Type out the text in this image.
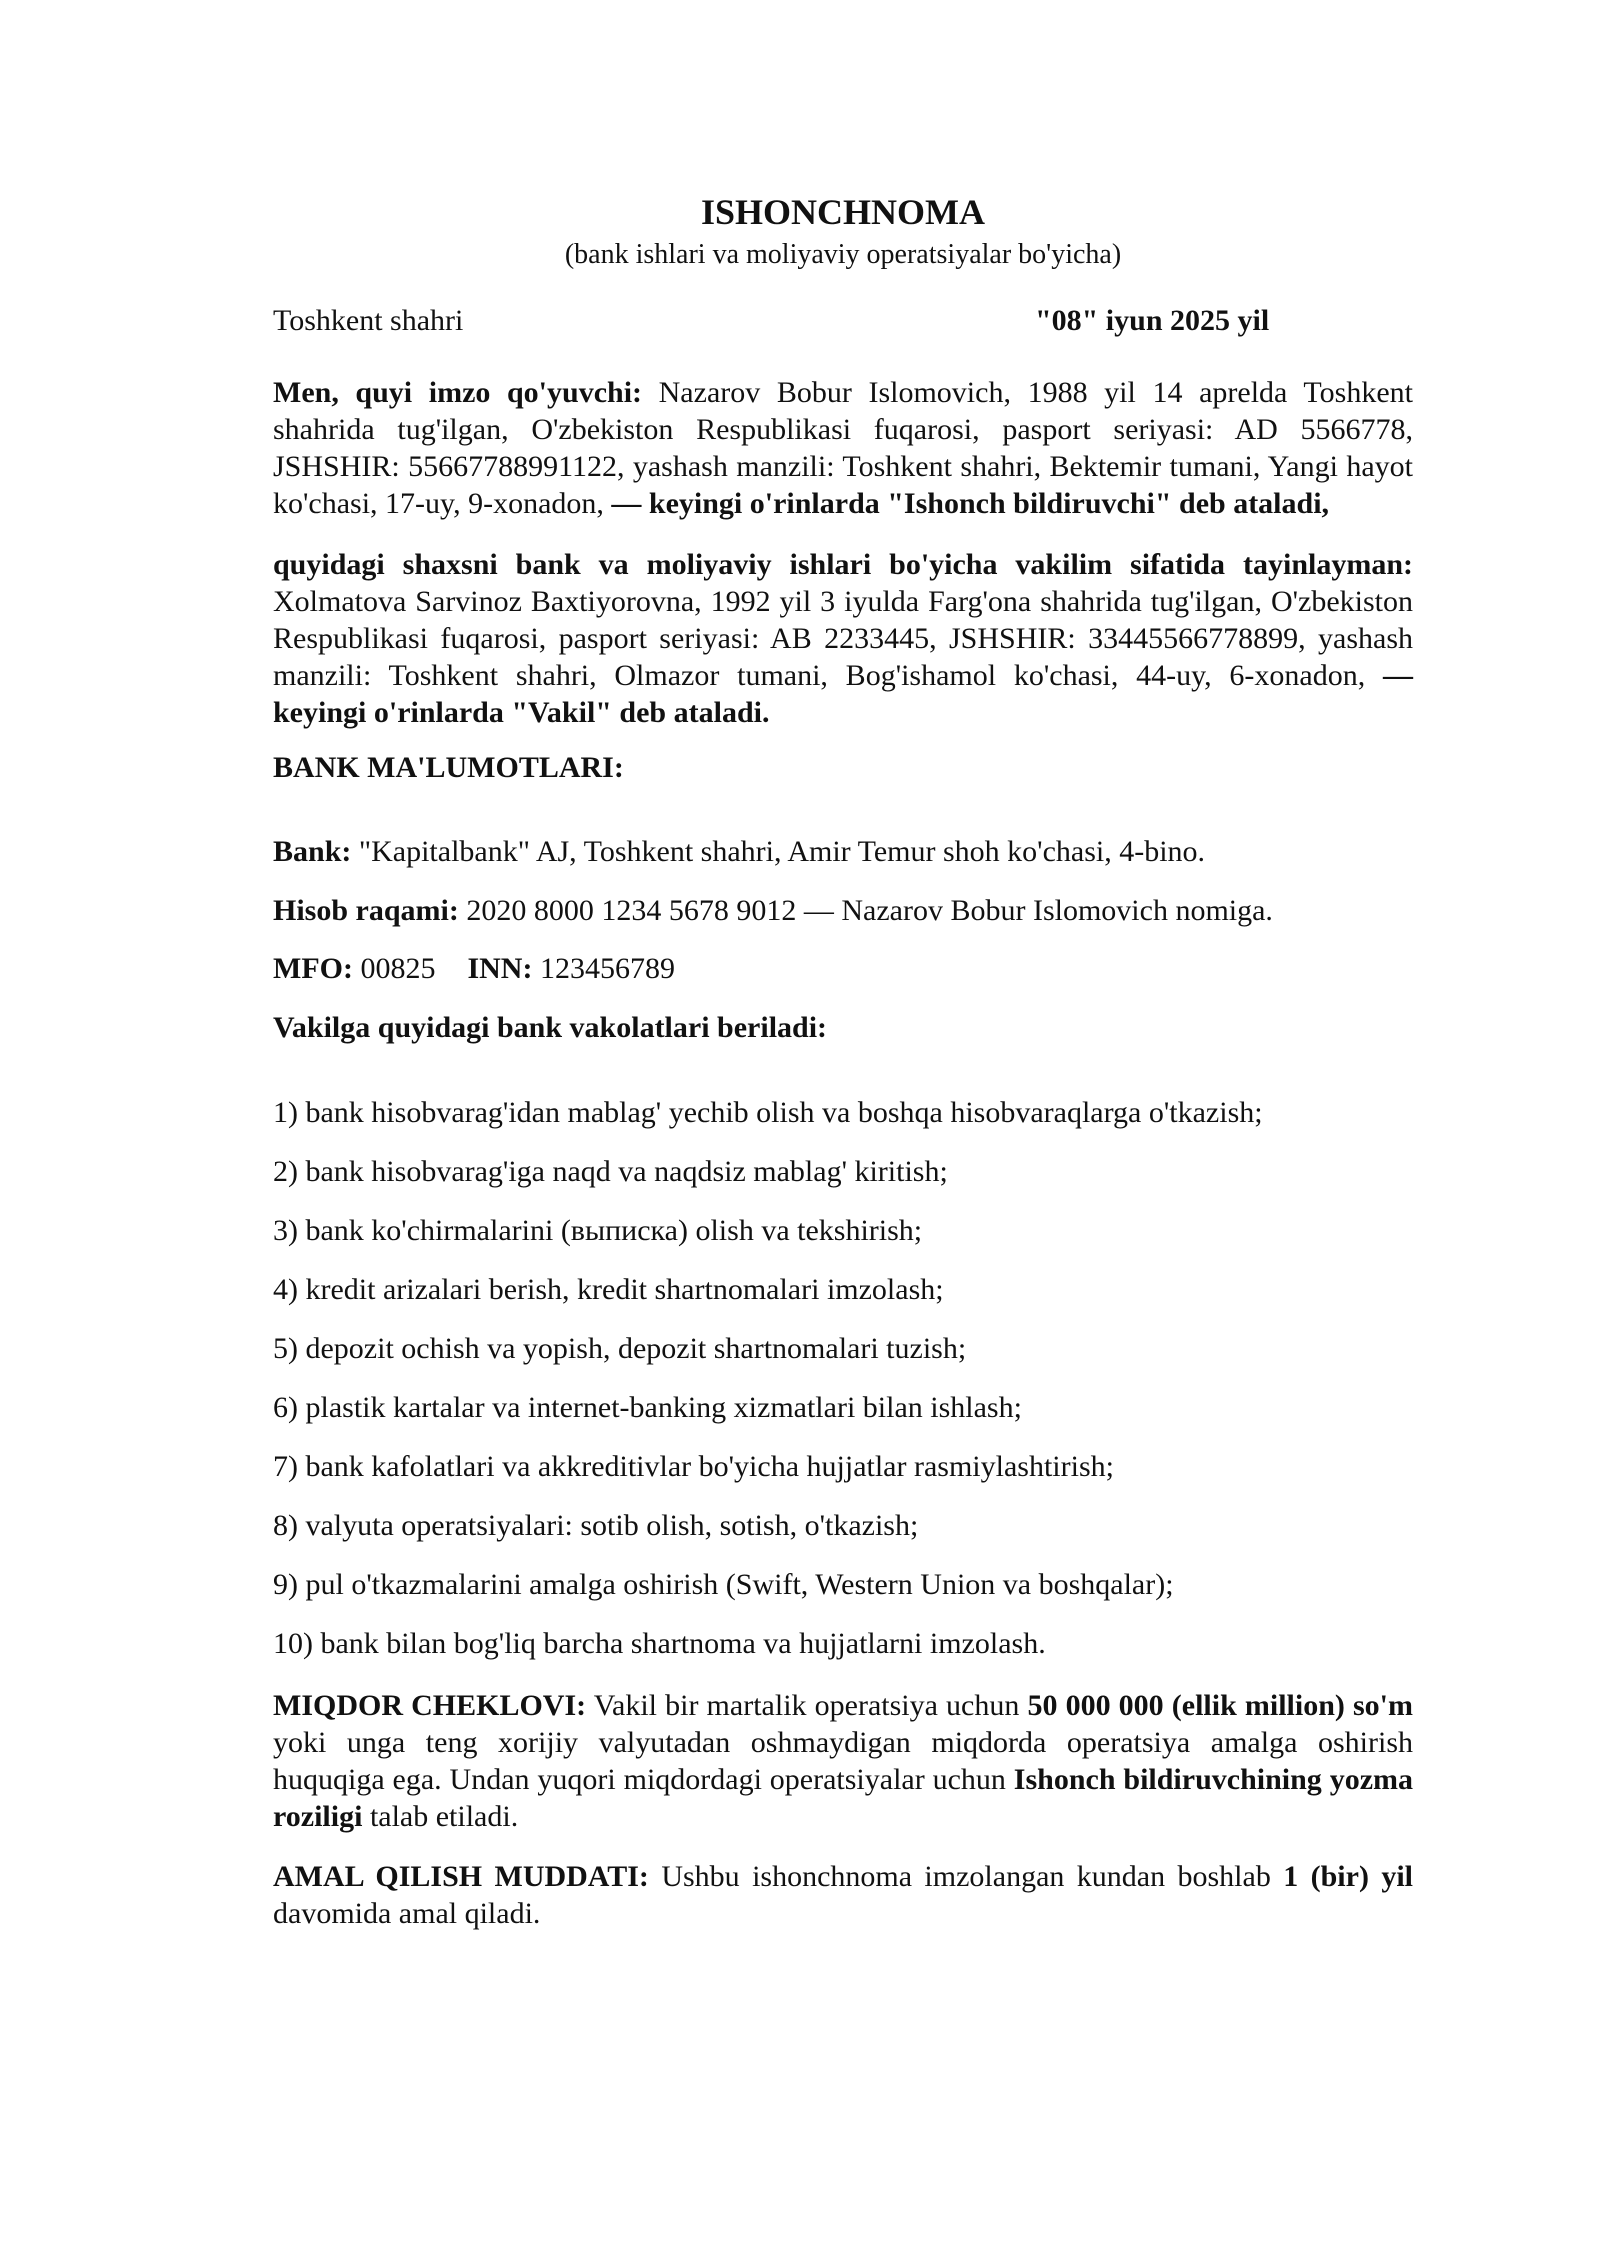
ISHONCHNOMA

(bank ishlari va moliyaviy operatsiyalar bo'yicha)

Toshkent shahri	"08" iyun 2025 yil

Men, quyi imzo qo'yuvchi: Nazarov Bobur Islomovich, 1988 yil 14 aprelda Toshkent shahrida tug'ilgan, O'zbekiston Respublikasi fuqarosi, pasport seriyasi: AD 5566778, JSHSHIR: 55667788991122, yashash manzili: Toshkent shahri, Bektemir tumani, Yangi hayot ko'chasi, 17-uy, 9-xonadon, — keyingi o'rinlarda "Ishonch bildiruvchi" deb ataladi,

quyidagi shaxsni bank va moliyaviy ishlari bo'yicha vakilim sifatida tayinlayman: Xolmatova Sarvinoz Baxtiyorovna, 1992 yil 3 iyulda Farg'ona shahrida tug'ilgan, O'zbekiston Respublikasi fuqarosi, pasport seriyasi: AB 2233445, JSHSHIR: 33445566778899, yashash manzili: Toshkent shahri, Olmazor tumani, Bog'ishamol ko'chasi, 44-uy, 6-xonadon, — keyingi o'rinlarda "Vakil" deb ataladi.

BANK MA'LUMOTLARI:

Bank: "Kapitalbank" AJ, Toshkent shahri, Amir Temur shoh ko'chasi, 4-bino.

Hisob raqami: 2020 8000 1234 5678 9012 — Nazarov Bobur Islomovich nomiga.

MFO: 00825 INN: 123456789

Vakilga quyidagi bank vakolatlari beriladi:

1) bank hisobvarag'idan mablag' yechib olish va boshqa hisobvaraqlarga o'tkazish;
2) bank hisobvarag'iga naqd va naqdsiz mablag' kiritish;
3) bank ko'chirmalarini (выписка) olish va tekshirish;
4) kredit arizalari berish, kredit shartnomalari imzolash;
5) depozit ochish va yopish, depozit shartnomalari tuzish;
6) plastik kartalar va internet-banking xizmatlari bilan ishlash;
7) bank kafolatlari va akkreditivlar bo'yicha hujjatlar rasmiylashtirish;
8) valyuta operatsiyalari: sotib olish, sotish, o'tkazish;
9) pul o'tkazmalarini amalga oshirish (Swift, Western Union va boshqalar);
10) bank bilan bog'liq barcha shartnoma va hujjatlarni imzolash.

MIQDOR CHEKLOVI: Vakil bir martalik operatsiya uchun 50 000 000 (ellik million) so'm yoki unga teng xorijiy valyutadan oshmaydigan miqdorda operatsiya amalga oshirish huquqiga ega. Undan yuqori miqdordagi operatsiyalar uchun Ishonch bildiruvchining yozma roziligi talab etiladi.

AMAL QILISH MUDDATI: Ushbu ishonchnoma imzolangan kundan boshlab 1 (bir) yil davomida amal qiladi.
